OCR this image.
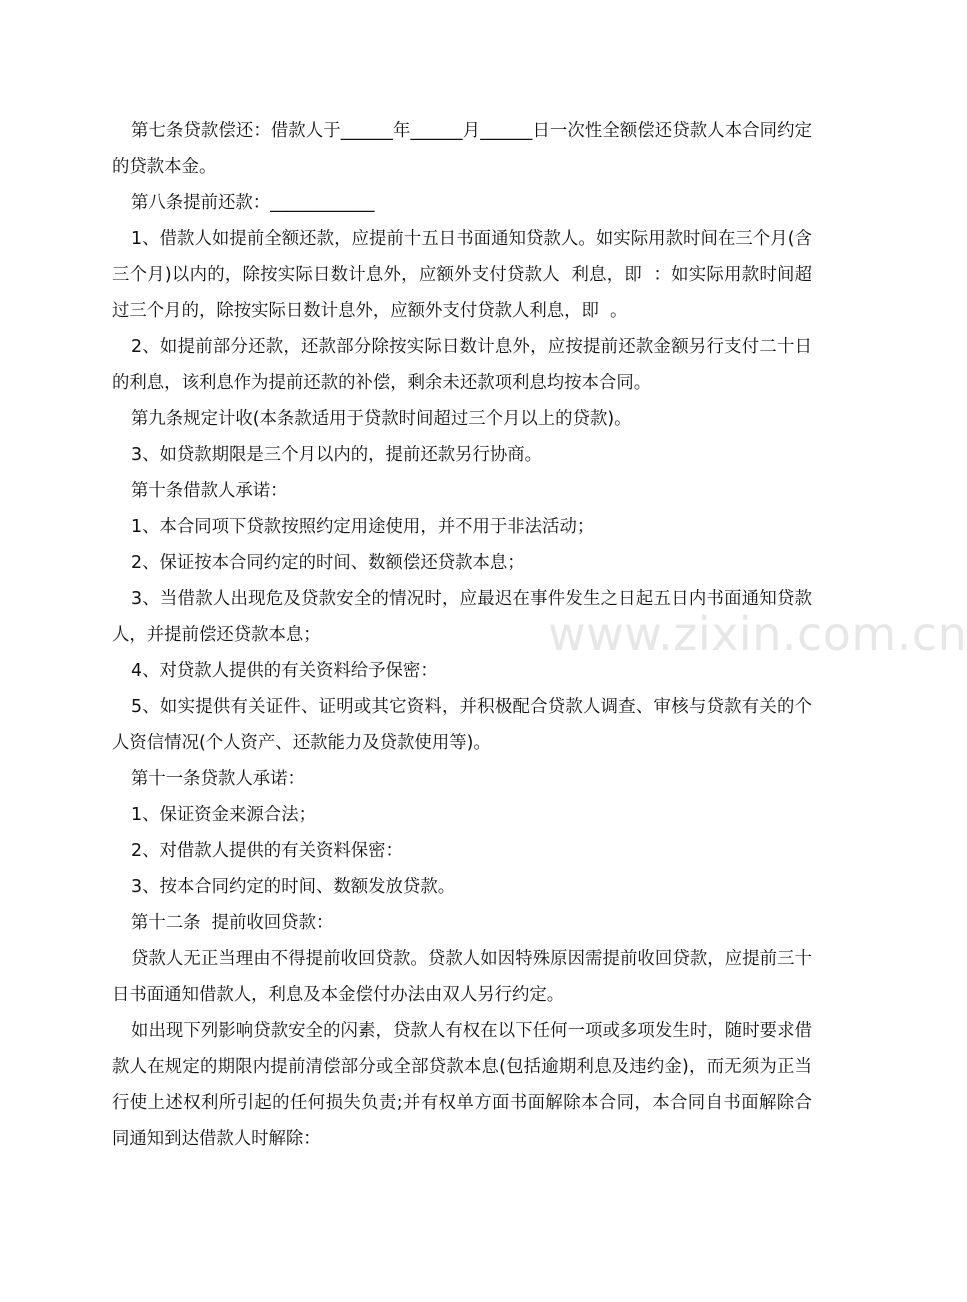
第七条贷款偿还：借款人于______年______月______日一次性全额偿还贷款人本合同约定的贷款本金。

第八条提前还款：____________

1、借款人如提前全额还款，应提前十五日书面通知贷款人。如实际用款时间在三个月(含三个月)以内的，除按实际日数计息外，应额外支付贷款人  利息，即  ：如实际用款时间超过三个月的，除按实际日数计息外，应额外支付贷款人利息，即  。

2、如提前部分还款，还款部分除按实际日数计息外，应按提前还款金额另行支付二十日的利息，该利息作为提前还款的补偿，剩余未还款项利息均按本合同。

第九条规定计收(本条款适用于贷款时间超过三个月以上的贷款)。

3、如贷款期限是三个月以内的，提前还款另行协商。

第十条借款人承诺：

1、本合同项下贷款按照约定用途使用，并不用于非法活动；

2、保证按本合同约定的时间、数额偿还贷款本息；

3、当借款人出现危及贷款安全的情况时，应最迟在事件发生之日起五日内书面通知贷款人，并提前偿还贷款本息；

4、对贷款人提供的有关资料给予保密：

5、如实提供有关证件、证明或其它资料，并积极配合贷款人调查、审核与贷款有关的个人资信情况(个人资产、还款能力及贷款使用等)。

第十一条贷款人承诺：

1、保证资金来源合法；

2、对借款人提供的有关资料保密：

3、按本合同约定的时间、数额发放贷款。

第十二条  提前收回贷款：

贷款人无正当理由不得提前收回贷款。贷款人如因特殊原因需提前收回贷款，应提前三十日书面通知借款人，利息及本金偿付办法由双人另行约定。

如出现下列影响贷款安全的闪素，贷款人有权在以下任何一项或多项发生时，随时要求借款人在规定的期限内提前清偿部分或全部贷款本息(包括逾期利息及违约金)，而无须为正当行使上述权利所引起的任何损失负责;并有权单方面书面解除本合同，本合同自书面解除合同通知到达借款人时解除：

www.zixin.com.cn
